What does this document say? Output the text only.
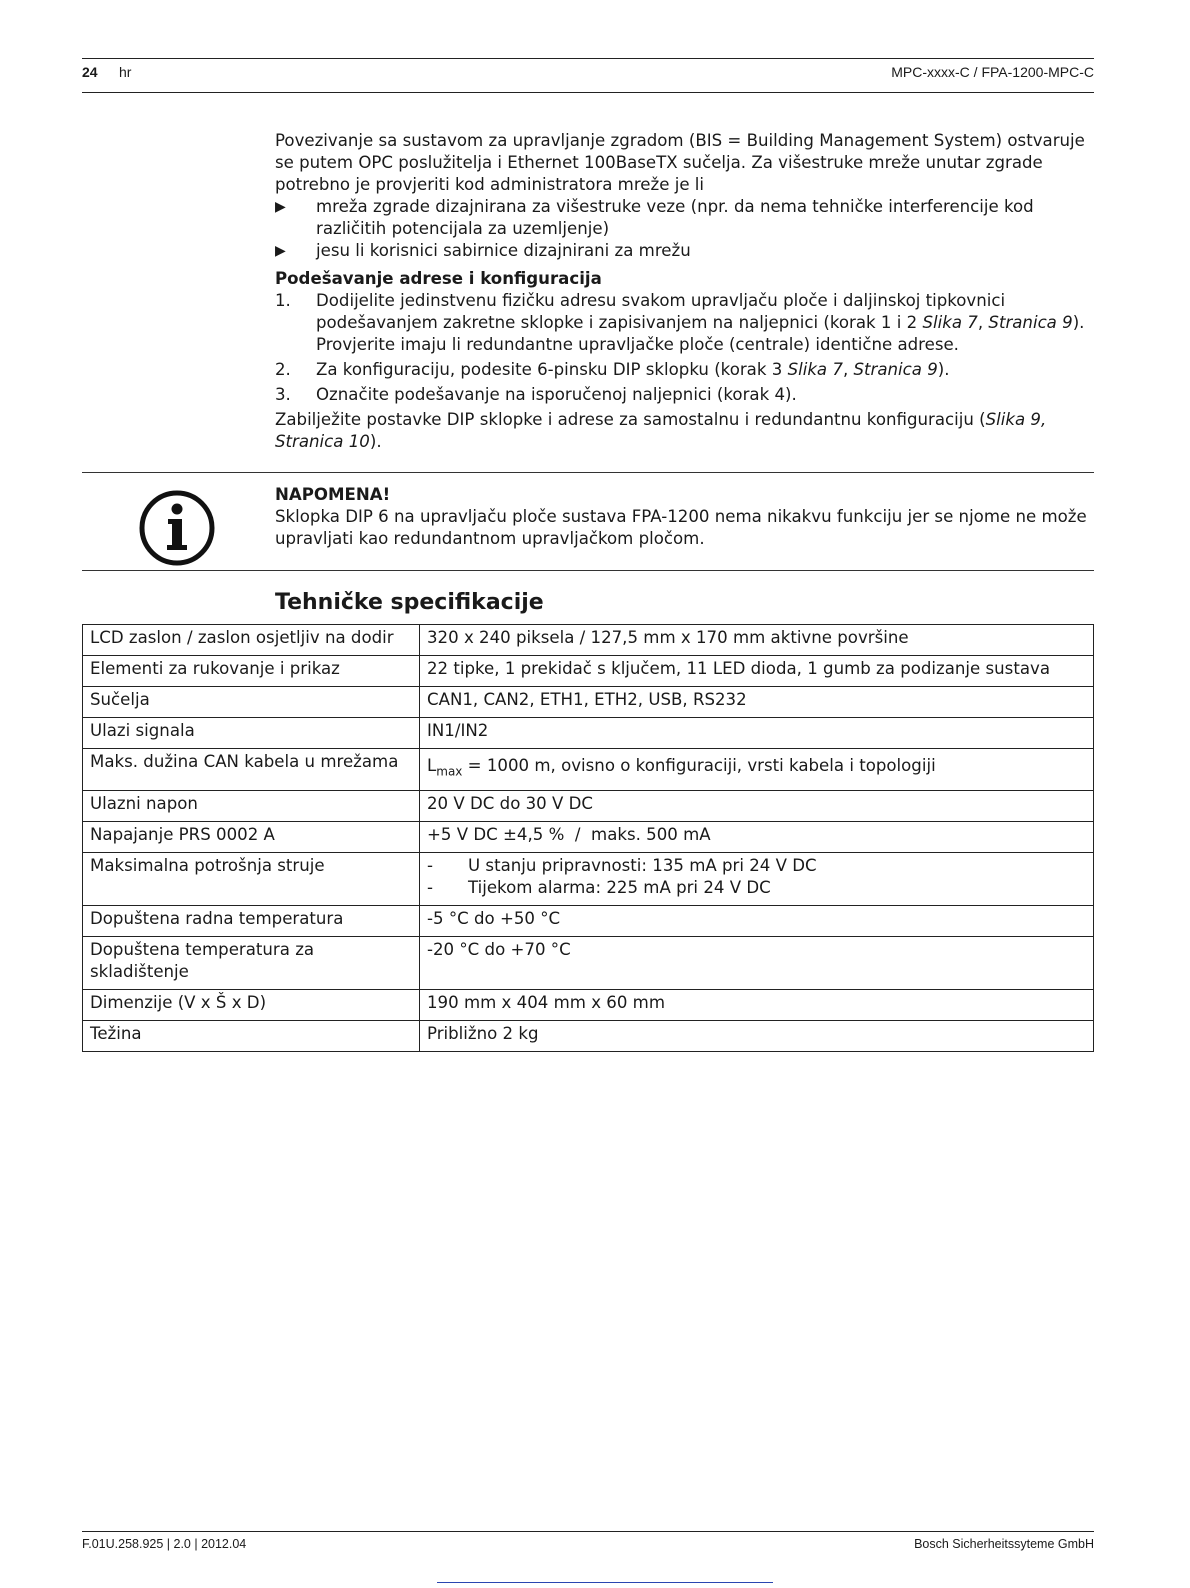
24 hr	MPC-xxxx-C / FPA-1200-MPC-C

Povezivanje sa sustavom za upravljanje zgradom (BIS = Building Management System) ostvaruje se putem OPC poslužitelja i Ethernet 100BaseTX sučelja. Za višestruke mreže unutar zgrade potrebno je provjeriti kod administratora mreže je li

▶ mreža zgrade dizajnirana za višestruke veze (npr. da nema tehničke interferencije kod različitih potencijala za uzemljenje)
▶ jesu li korisnici sabirnice dizajnirani za mrežu

Podešavanje adrese i konfiguracija

1. Dodijelite jedinstvenu fizičku adresu svakom upravljaču ploče i daljinskoj tipkovnici podešavanjem zakretne sklopke i zapisivanjem na naljepnici (korak 1 i 2 Slika 7, Stranica 9).
Provjerite imaju li redundantne upravljačke ploče (centrale) identične adrese.
2. Za konfiguraciju, podesite 6-pinsku DIP sklopku (korak 3 Slika 7, Stranica 9).
3. Označite podešavanje na isporučenoj naljepnici (korak 4).

Zabilježite postavke DIP sklopke i adrese za samostalnu i redundantnu konfiguraciju (Slika 9, Stranica 10).

NAPOMENA!
Sklopka DIP 6 na upravljaču ploče sustava FPA-1200 nema nikakvu funkciju jer se njome ne može upravljati kao redundantnom upravljačkom pločom.
Tehničke specifikacije
LCD zaslon / zaslon osjetljiv na dodir	320 x 240 piksela / 127,5 mm x 170 mm aktivne površine
Elementi za rukovanje i prikaz	22 tipke, 1 prekidač s ključem, 11 LED dioda, 1 gumb za podizanje sustava
Sučelja	CAN1, CAN2, ETH1, ETH2, USB, RS232
Ulazi signala	IN1/IN2
Maks. dužina CAN kabela u mrežama	$L_{max} = 1000$ m, ovisno o konfiguraciji, vrsti kabela i topologiji
Ulazni napon	20 V DC do 30 V DC
Napajanje PRS 0002 A	+5 V DC ±4,5 %  /  maks. 500 mA
Maksimalna potrošnja struje	- U stanju pripravnosti: 135 mA pri 24 V DC
- Tijekom alarma: 225 mA pri 24 V DC

Dopuštena radna temperatura	-5 °C do +50 °C
Dopuštena temperatura za skladištenje	-20 °C do +70 °C
Dimenzije (V x Š x D)	190 mm x 404 mm x 60 mm
Težina	Približno 2 kg
F.01U.258.925 | 2.0 | 2012.04	Bosch Sicherheitssyteme GmbH
